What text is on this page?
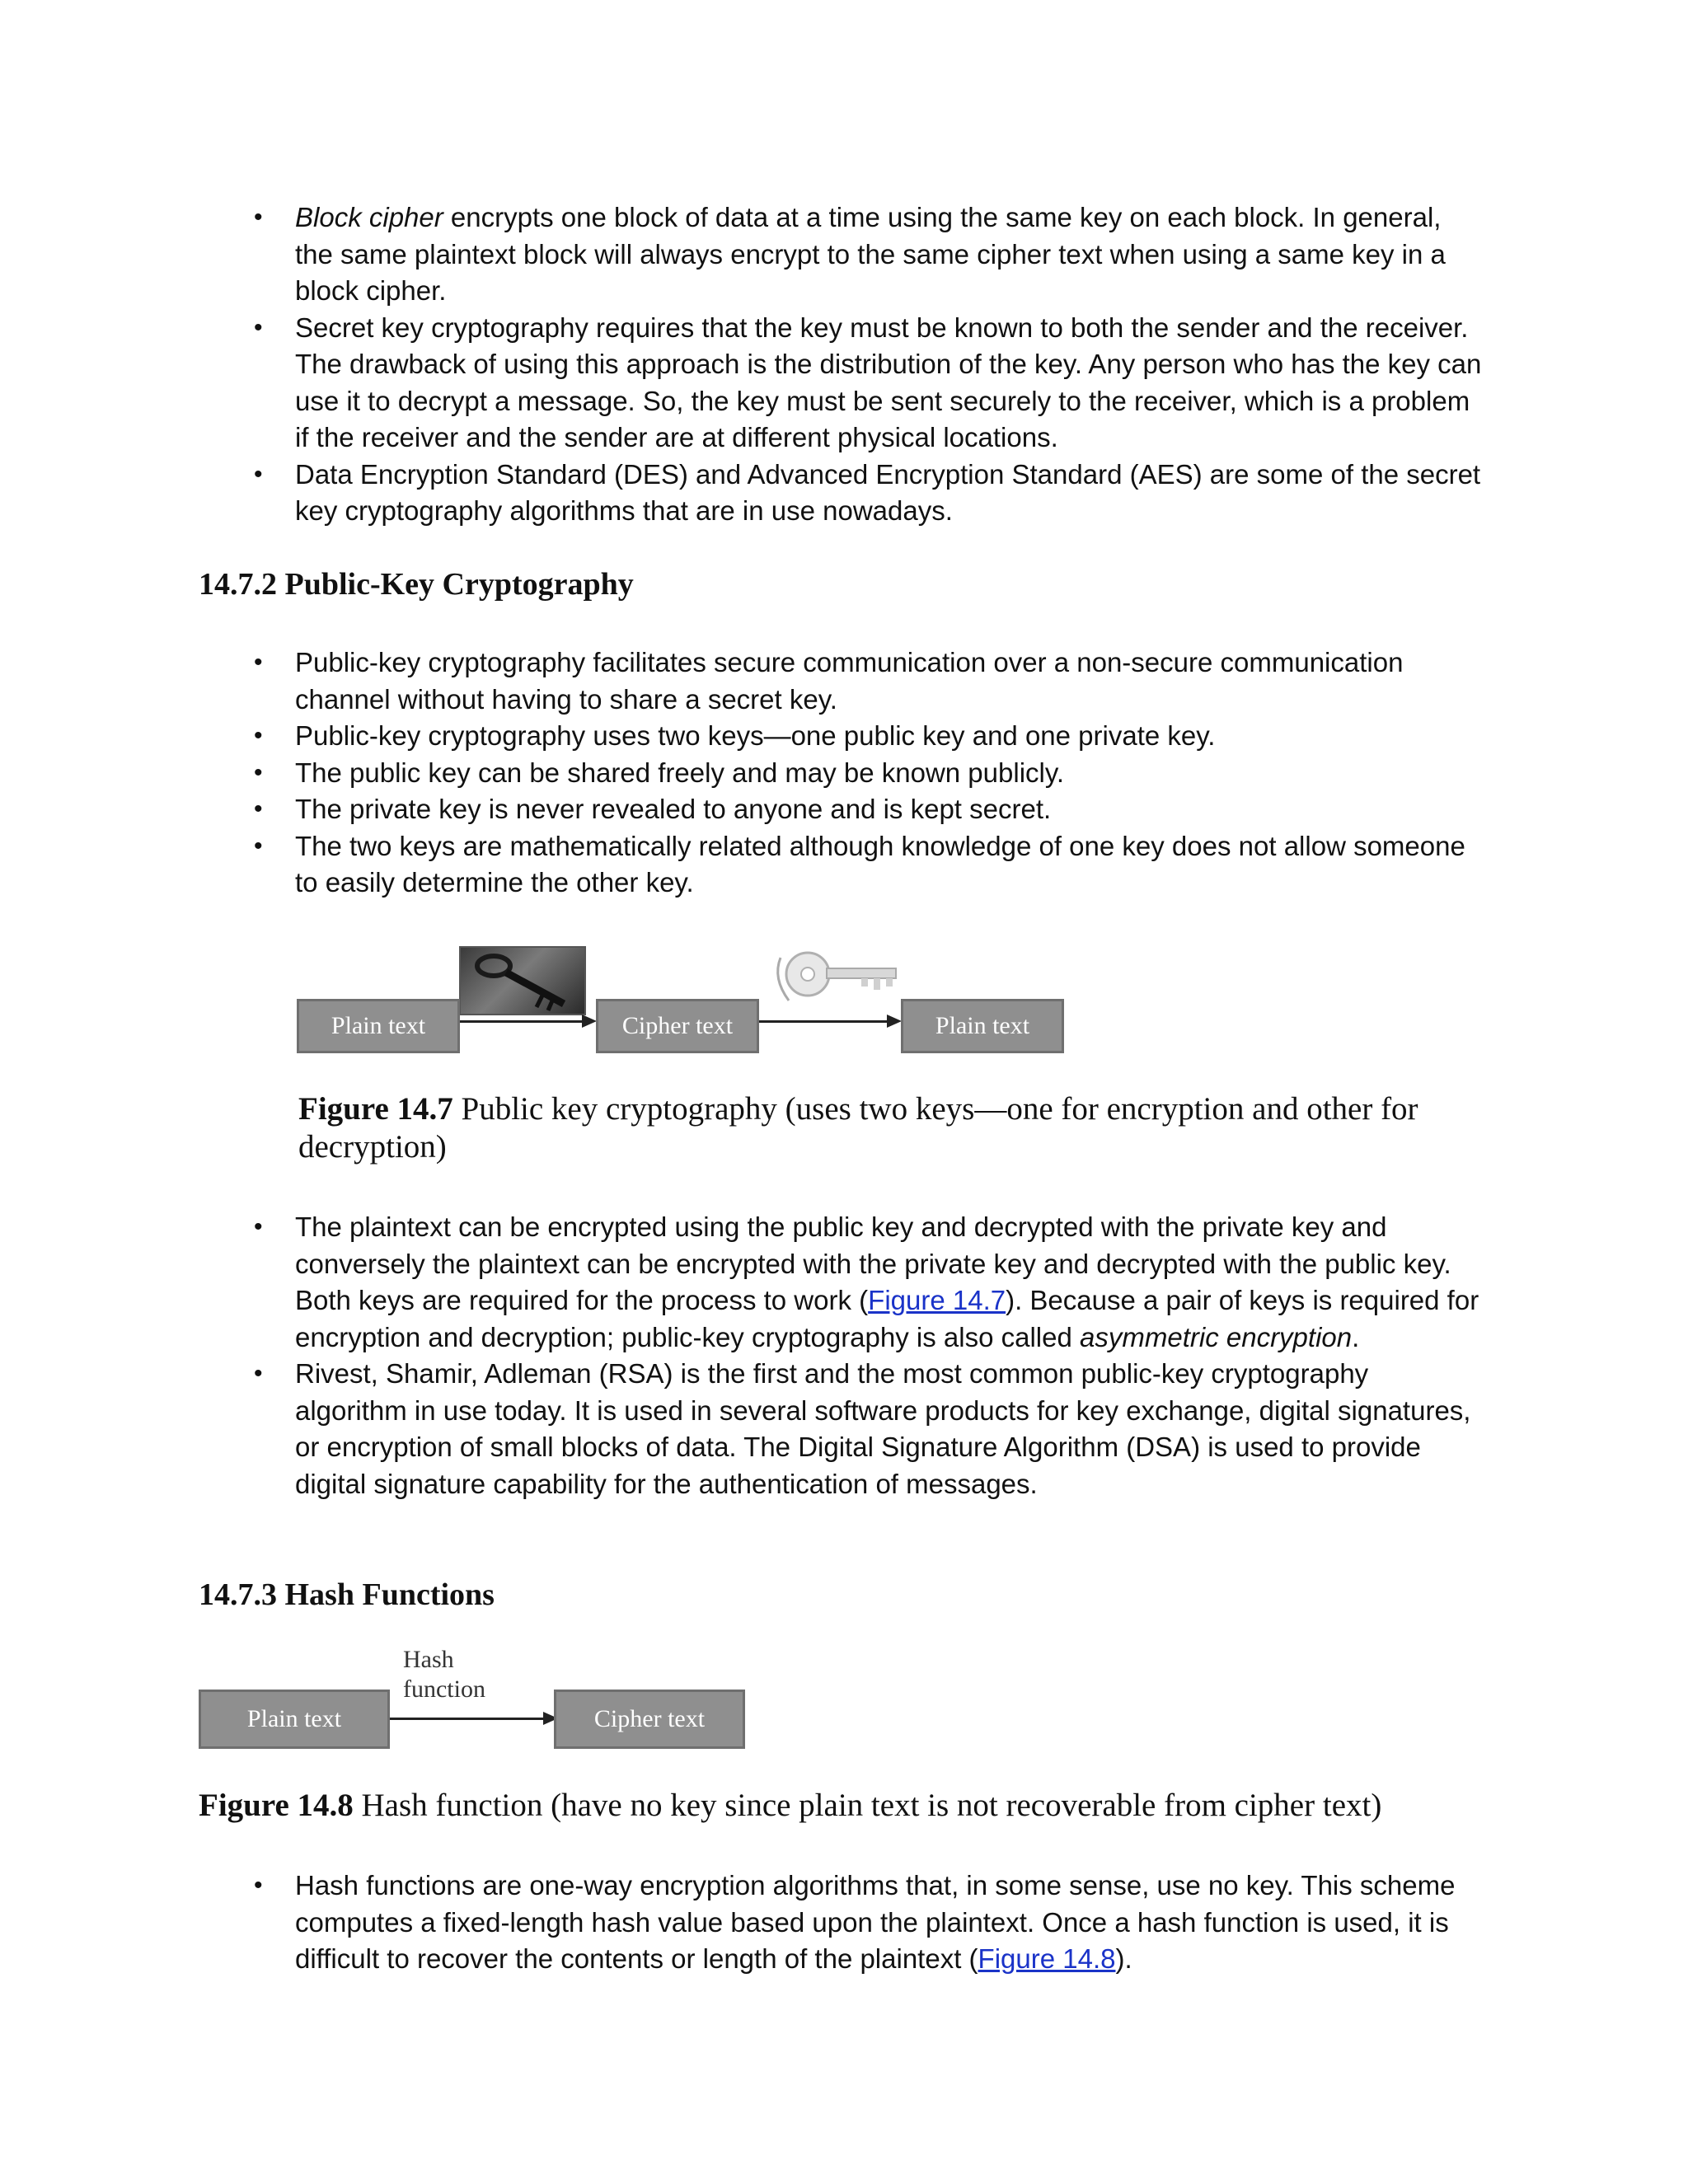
• Block cipher encrypts one block of data at a time using the same key on each block. In general, the same plaintext block will always encrypt to the same cipher text when using a same key in a block cipher.
• Secret key cryptography requires that the key must be known to both the sender and the receiver. The drawback of using this approach is the distribution of the key. Any person who has the key can use it to decrypt a message. So, the key must be sent securely to the receiver, which is a problem if the receiver and the sender are at different physical locations.
• Data Encryption Standard (DES) and Advanced Encryption Standard (AES) are some of the secret key cryptography algorithms that are in use nowadays.
14.7.2 Public-Key Cryptography
• Public-key cryptography facilitates secure communication over a non-secure communication channel without having to share a secret key.
• Public-key cryptography uses two keys—one public key and one private key.
• The public key can be shared freely and may be known publicly.
• The private key is never revealed to anyone and is kept secret.
• The two keys are mathematically related although knowledge of one key does not allow someone to easily determine the other key.
Plain text	Cipher text	Plain text
Figure 14.7 Public key cryptography (uses two keys—one for encryption and other for decryption)
• The plaintext can be encrypted using the public key and decrypted with the private key and conversely the plaintext can be encrypted with the private key and decrypted with the public key. Both keys are required for the process to work (Figure 14.7). Because a pair of keys is required for encryption and decryption; public-key cryptography is also called asymmetric encryption.
• Rivest, Shamir, Adleman (RSA) is the first and the most common public-key cryptography algorithm in use today. It is used in several software products for key exchange, digital signatures, or encryption of small blocks of data. The Digital Signature Algorithm (DSA) is used to provide digital signature capability for the authentication of messages.
14.7.3 Hash Functions
Plain text
Hash
function
Cipher text
Figure 14.8 Hash function (have no key since plain text is not recoverable from cipher text)
• Hash functions are one-way encryption algorithms that, in some sense, use no key. This scheme computes a fixed-length hash value based upon the plaintext. Once a hash function is used, it is difficult to recover the contents or length of the plaintext (Figure 14.8).
